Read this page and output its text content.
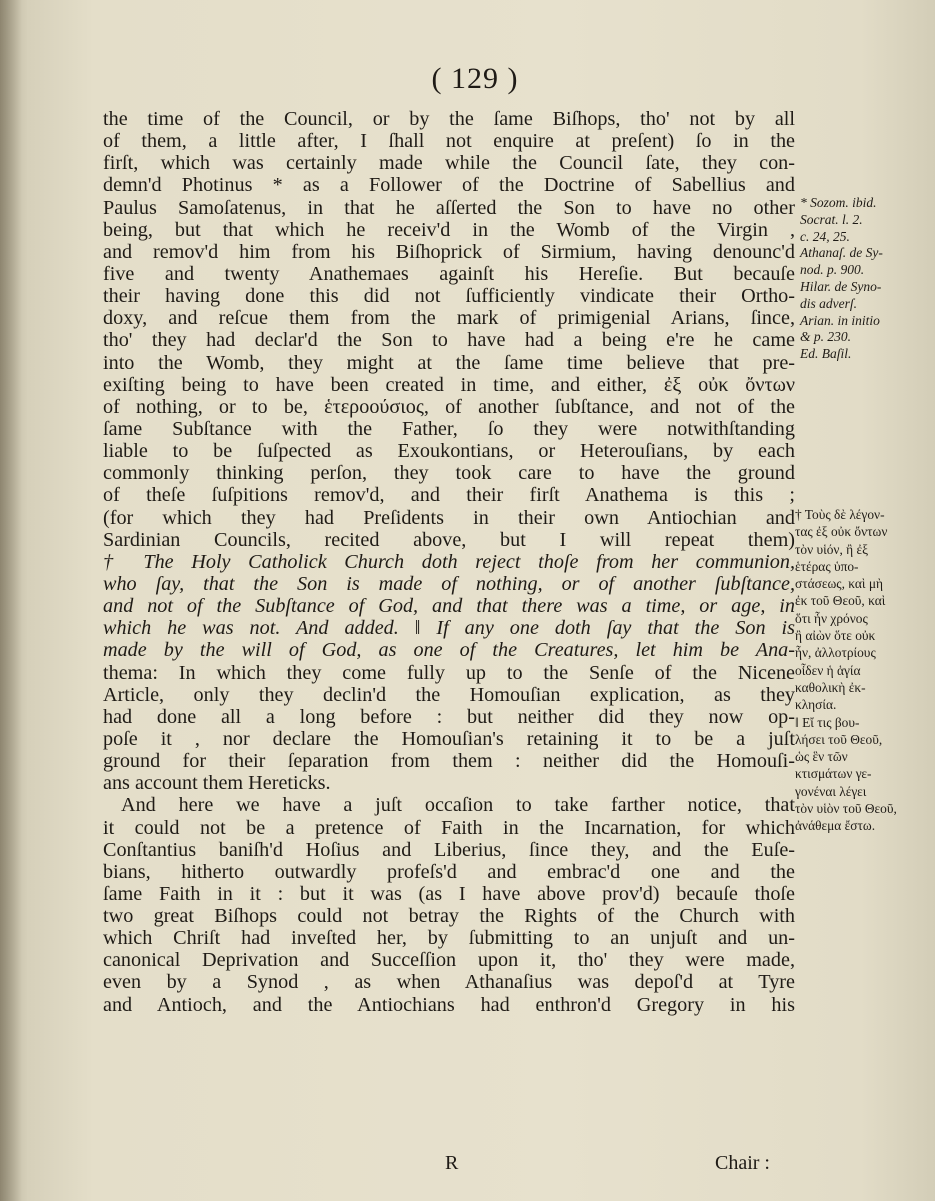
( 129 )
the time of the Council, or by the ſame Biſhops, tho' not by all
of them, a little after, I ſhall not enquire at preſent) ſo in the
firſt, which was certainly made while the Council ſate, they con-
demn'd Photinus * as a Follower of the Doctrine of Sabellius and
Paulus Samoſatenus, in that he aſſerted the Son to have no other
being, but that which he receiv'd in the Womb of the Virgin ,
and remov'd him from his Biſhoprick of Sirmium, having denounc'd
five and twenty Anathemaes againſt his Hereſie. But becauſe
their having done this did not ſufficiently vindicate their Ortho-
doxy, and reſcue them from the mark of primigenial Arians, ſince,
tho' they had declar'd the Son to have had a being e're he came
into the Womb, they might at the ſame time believe that pre-
exiſting being to have been created in time, and either, ἐξ οὐκ ὄντων
of nothing, or to be, ἑτεροούσιος, of another ſubſtance, and not of the
ſame Subſtance with the Father, ſo they were notwithſtanding
liable to be ſuſpected as Exoukontians, or Heterouſians, by each
commonly thinking perſon, they took care to have the ground
of theſe ſuſpitions remov'd, and their firſt Anathema is this ;
(for which they had Preſidents in their own Antiochian and
Sardinian Councils, recited above, but I will repeat them)
† The Holy Catholick Church doth reject thoſe from her communion,
who ſay, that the Son is made of nothing, or of another ſubſtance,
and not of the Subſtance of God, and that there was a time, or age, in
which he was not. And added. ‖ If any one doth ſay that the Son is
made by the will of God, as one of the Creatures, let him be Ana-
thema: In which they come fully up to the Senſe of the Nicene
Article, only they declin'd the Homouſian explication, as they
had done all a long before : but neither did they now op-
poſe it , nor declare the Homouſian's retaining it to be a juſt
ground for their ſeparation from them : neither did the Homouſi-
ans account them Hereticks.
And here we have a juſt occaſion to take farther notice, that
it could not be a pretence of Faith in the Incarnation, for which
Conſtantius baniſh'd Hoſius and Liberius, ſince they, and the Euſe-
bians, hitherto outwardly profeſs'd and embrac'd one and the
ſame Faith in it : but it was (as I have above prov'd) becauſe thoſe
two great Biſhops could not betray the Rights of the Church with
which Chriſt had inveſted her, by ſubmitting to an unjuſt and un-
canonical Deprivation and Succeſſion upon it, tho' they were made,
even by a Synod , as when Athanaſius was depoſ'd at Tyre
and Antioch, and the Antiochians had enthron'd Gregory in his
* Sozom. ibid.
Socrat. l. 2.
c. 24, 25.
Athanaſ. de Sy-
nod. p. 900.
Hilar. de Syno-
dis adverſ.
Arian. in initio
& p. 230.
Ed. Baſil.
† Τοὺς δὲ λέγον-
τας ἐξ οὐκ ὄντων
τὸν υἱόν, ἢ ἐξ
ἑτέρας ὑπο-
στάσεως, καὶ μὴ
ἐκ τοῦ Θεοῦ, καὶ
ὅτι ἦν χρόνος
ἢ αἰὼν ὅτε οὐκ
ἦν, ἀλλοτρίους
οἶδεν ἡ ἁγία
καθολικὴ ἐκ-
κλησία.
‖ Εἴ τις βου-
λήσει τοῦ Θεοῦ,
ὡς ἓν τῶν
κτισμάτων γε-
γονέναι λέγει
τὸν υἱὸν τοῦ Θεοῦ,
ἀνάθεμα ἔστω.
R	Chair :
